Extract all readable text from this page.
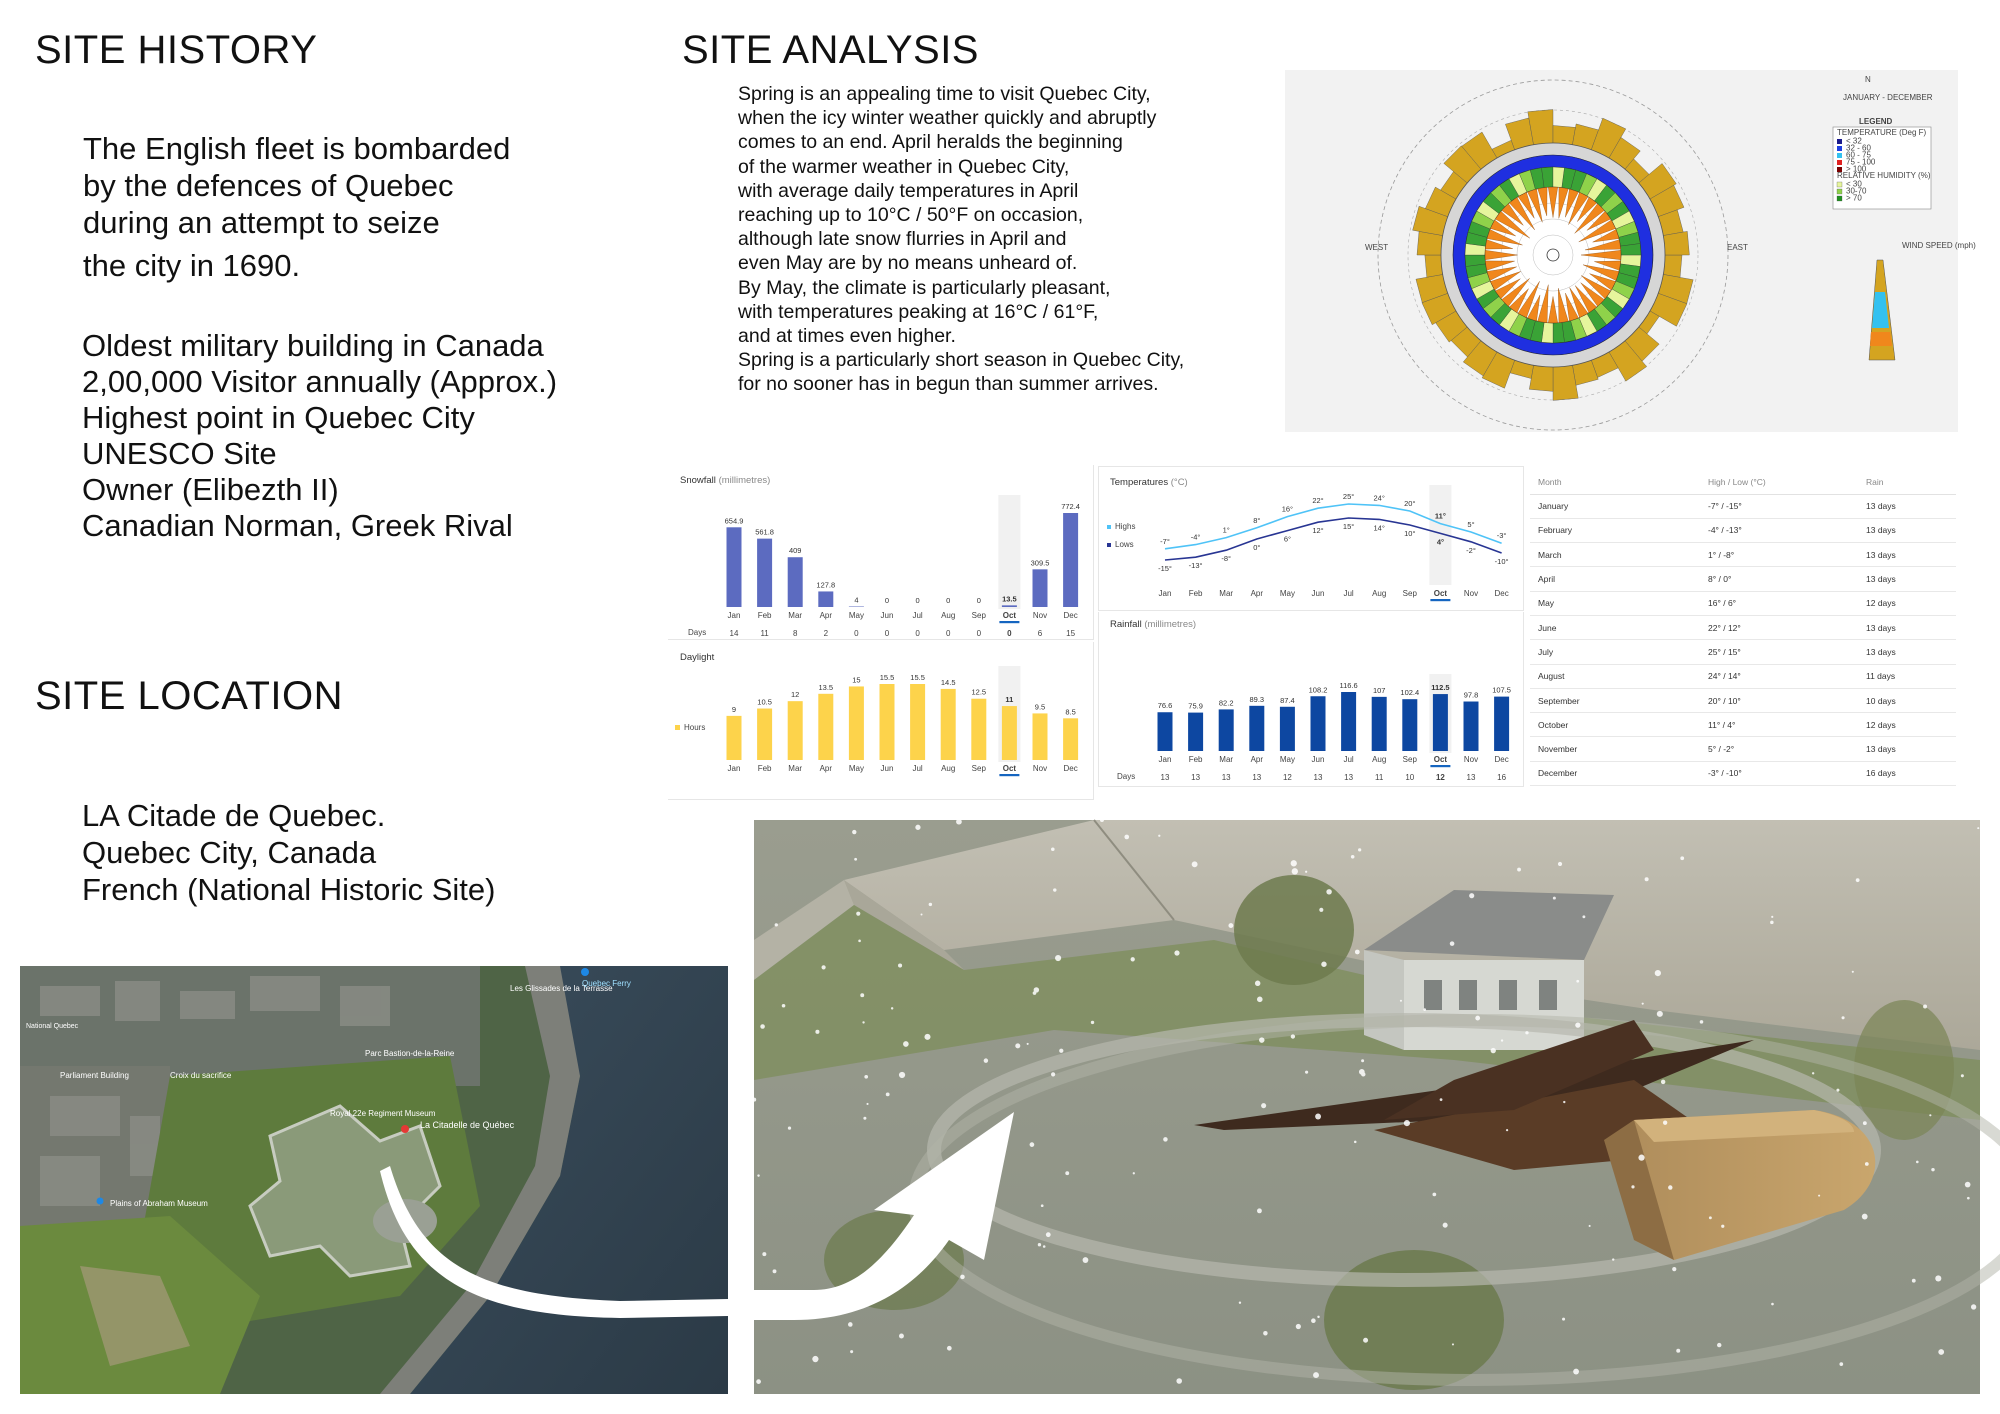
SITE HISTORY	SITE ANALYSIS
SITE LOCATION
The English fleet is bombarded
by the defences of Quebec
during an attempt to seize
the city in 1690.
Oldest military building in Canada
2,00,000 Visitor annually (Approx.)
Highest point in Quebec City
UNESCO Site
Owner (Elibezth II)
Canadian Norman, Greek Rival
Spring is an appealing time to visit Quebec City,
when the icy winter weather quickly and abruptly
comes to an end. April heralds the beginning
of the warmer weather in Quebec City,
with average daily temperatures in April
reaching up to 10°C / 50°F on occasion,
although late snow flurries in April and
even May are by no means unheard of.
By May, the climate is particularly pleasant,
with temperatures peaking at 16°C / 61°F,
and at times even higher.
Spring is a particularly short season in Quebec City,
for no sooner has in begun than summer arrives.
LA Citade de Quebec.
Quebec City, Canada
French (National Historic Site)
N
JANUARY - DECEMBER
WEST	EAST
LEGEND
TEMPERATURE (Deg F)
< 32
32 - 60
60 - 75
75 - 100
> 100
RELATIVE HUMIDITY (%)
< 30
30-70
> 70
WIND SPEED (mph)
Snowfall (millimetres)
654.9
Jan
561.8
Feb
409
Mar
127.8
Apr
4
May
0
Jun
0
Jul
0
Aug
0
Sep
13.5
Oct
309.5
Nov
772.4
Dec
Days	14	11	8	2	0	0	0	0	0	0	6	15
Daylight
9
Jan
10.5
Feb
12
Mar
13.5
Apr
15
May
15.5
Jun
15.5
Jul
14.5
Aug
12.5
Sep
11
Oct
9.5
Nov
8.5
Dec
Hours
Temperatures (°C)
-7°	-4°
1°
8°
16°
22°	25°	24°
20°
11°
5°
-3°
Highs
-15° -13°
-8°
0°
6°
12°	15°	14°
10°
4°
-2°
-10°
Lows
Jan Feb Mar Apr May Jun Jul Aug Sep Oct Nov Dec
Rainfall (millimetres)
76.6
Jan
75.9
Feb
82.2
Mar
89.3
Apr
87.4
May
108.2
Jun
116.6
Jul
107
Aug
102.4
Sep
112.5
Oct
97.8
Nov
107.5
Dec
Days	13	13	13	13	12	13	13	11	10	12	13	16
Month	High / Low (°C)	Rain
January	-7° / -15°	13 days
February	-4° / -13°	13 days
March	1° / -8°	13 days
April	8° / 0°	13 days
May	16° / 6°	12 days
June	22° / 12°	13 days
July	25° / 15°	13 days
August	24° / 14°	11 days
September	20° / 10°	10 days
October	11° / 4°	12 days
November	5° / -2°	13 days
December	-3° / -10°	16 days
Les Glissades de la Terrasse
Quebec Ferry
National Quebec
Parliament Building	Croix du sacrifice
Parc Bastion-de-la-Reine
Royal 22e Regiment Museum
La Citadelle de Québec
Plains of Abraham Museum
